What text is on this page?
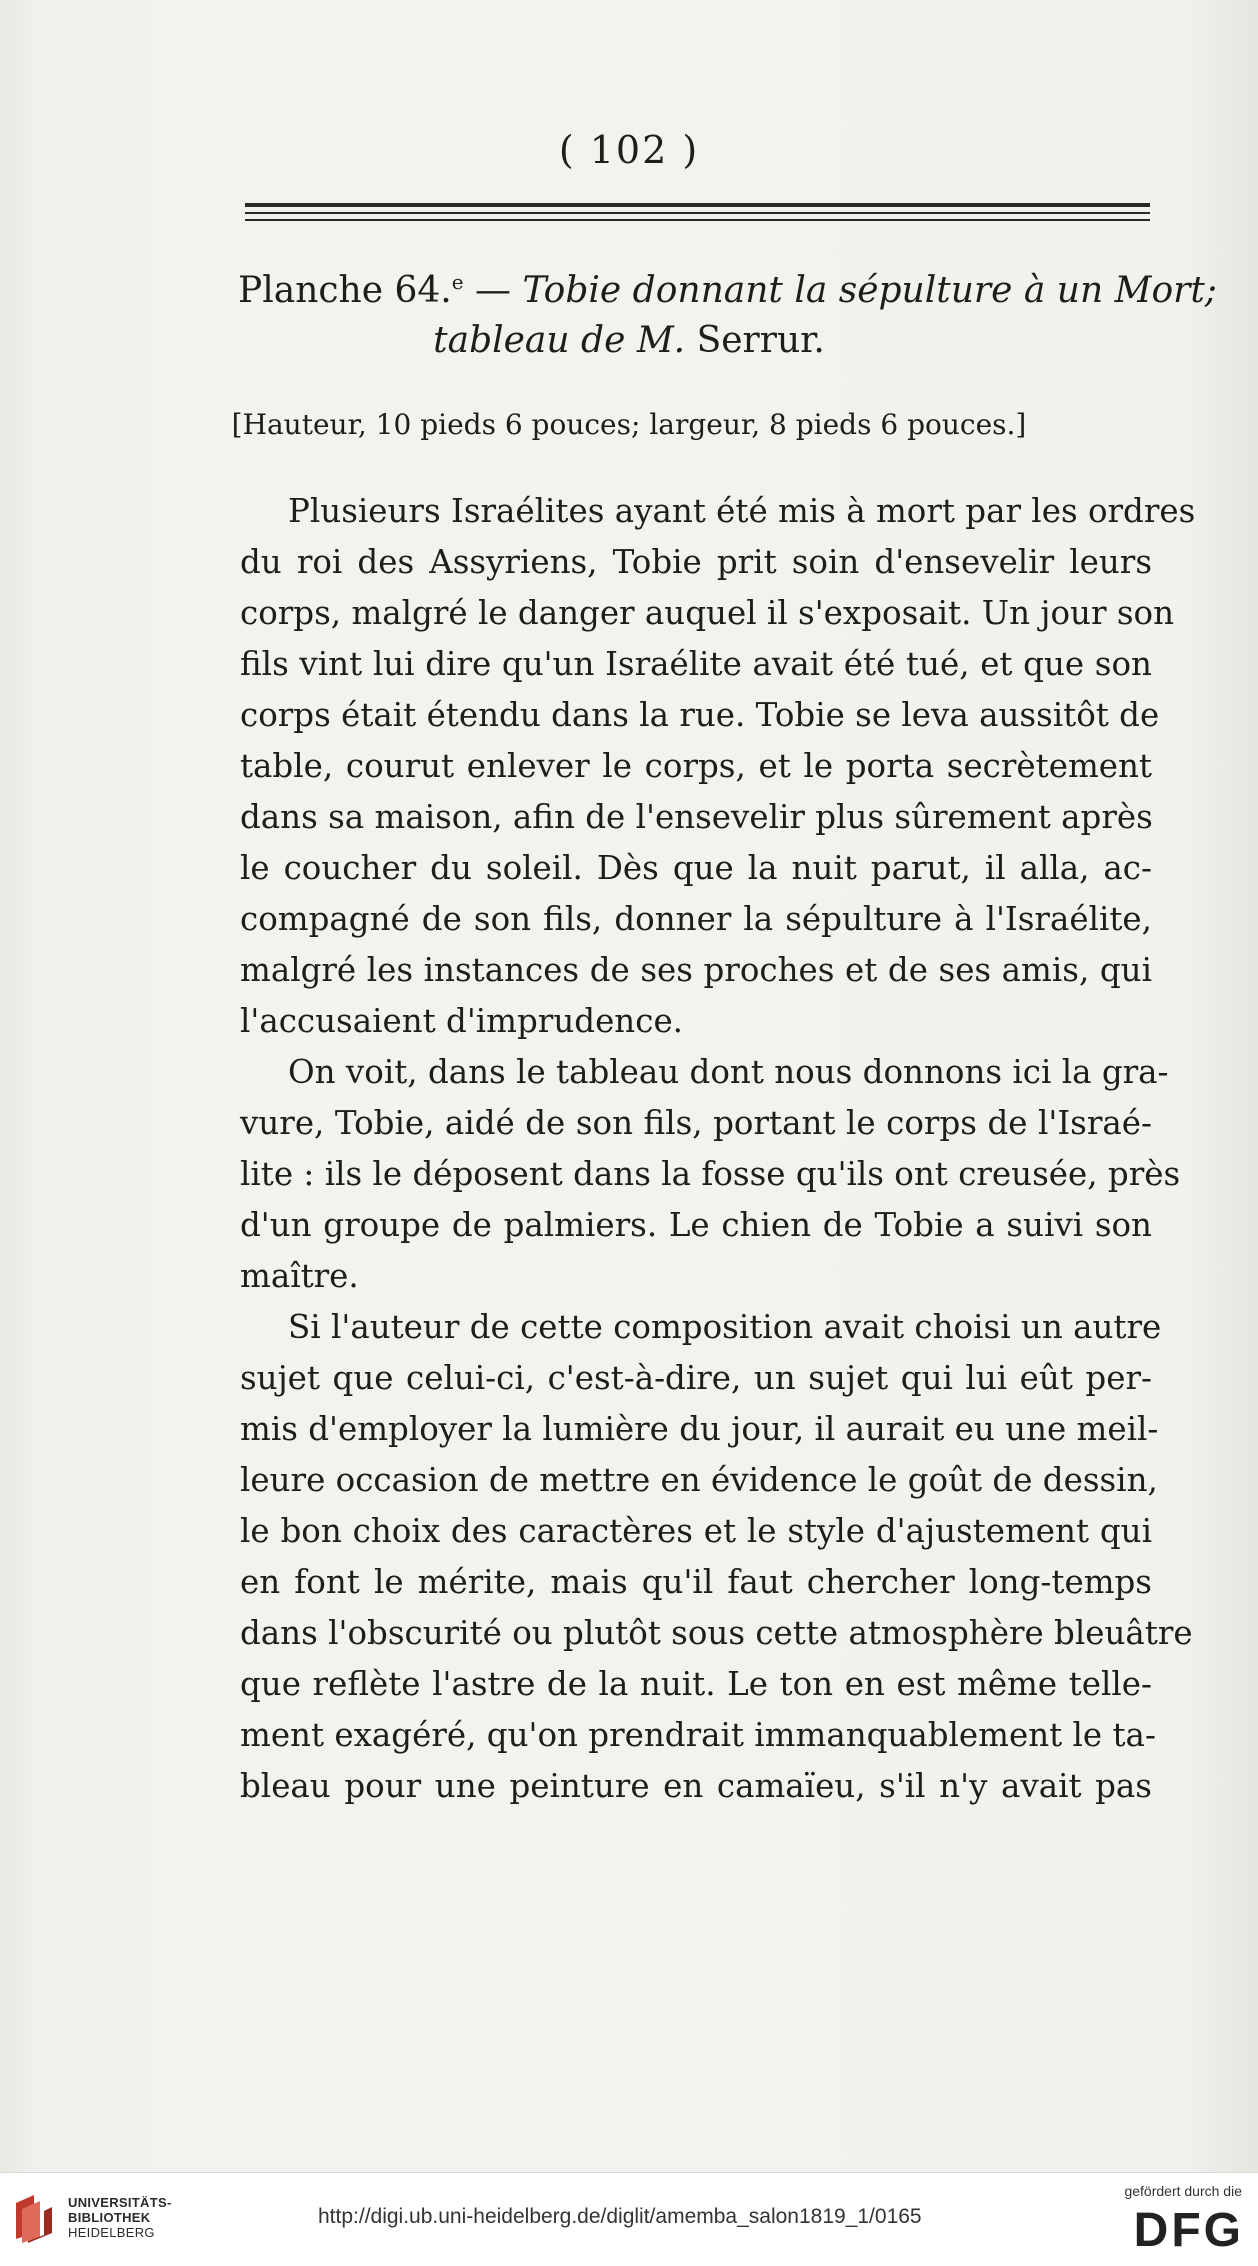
( 102 )
Planche 64.$^e$ — Tobie donnant la sépulture à un Mort;
tableau de M. Serrur.
[Hauteur, 10 pieds 6 pouces; largeur, 8 pieds 6 pouces.]
Plusieurs Israélites ayant été mis à mort par les ordres
du roi des Assyriens, Tobie prit soin d'ensevelir leurs
corps, malgré le danger auquel il s'exposait. Un jour son
fils vint lui dire qu'un Israélite avait été tué, et que son
corps était étendu dans la rue. Tobie se leva aussitôt de
table, courut enlever le corps, et le porta secrètement
dans sa maison, afin de l'ensevelir plus sûrement après
le coucher du soleil. Dès que la nuit parut, il alla, ac-
compagné de son fils, donner la sépulture à l'Israélite,
malgré les instances de ses proches et de ses amis, qui
l'accusaient d'imprudence.
On voit, dans le tableau dont nous donnons ici la gra-
vure, Tobie, aidé de son fils, portant le corps de l'Israé-
lite : ils le déposent dans la fosse qu'ils ont creusée, près
d'un groupe de palmiers. Le chien de Tobie a suivi son
maître.
Si l'auteur de cette composition avait choisi un autre
sujet que celui-ci, c'est-à-dire, un sujet qui lui eût per-
mis d'employer la lumière du jour, il aurait eu une meil-
leure occasion de mettre en évidence le goût de dessin,
le bon choix des caractères et le style d'ajustement qui
en font le mérite, mais qu'il faut chercher long-temps
dans l'obscurité ou plutôt sous cette atmosphère bleuâtre
que reflète l'astre de la nuit. Le ton en est même telle-
ment exagéré, qu'on prendrait immanquablement le ta-
bleau pour une peinture en camaïeu, s'il n'y avait pas
UNIVERSITÄTS-
BIBLIOTHEK
HEIDELBERG
http://digi.ub.uni-heidelberg.de/diglit/amemba_salon1819_1/0165
gefördert durch die
DFG
